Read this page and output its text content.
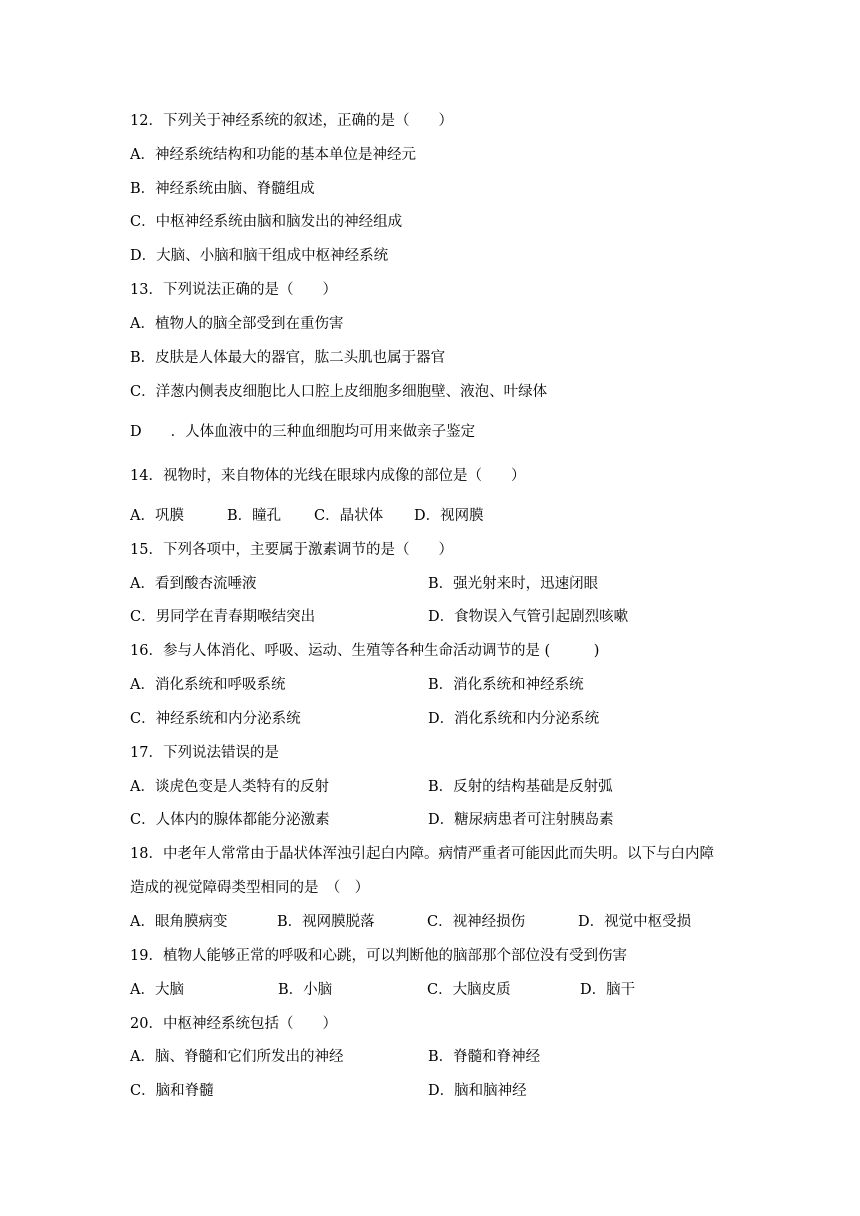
12．下列关于神经系统的叙述，正确的是（　　）
A．神经系统结构和功能的基本单位是神经元
B．神经系统由脑、脊髓组成
C．中枢神经系统由脑和脑发出的神经组成
D．大脑、小脑和脑干组成中枢神经系统
13．下列说法正确的是（　　）
A．植物人的脑全部受到在重伤害
B．皮肤是人体最大的器官，肱二头肌也属于器官
C．洋葱内侧表皮细胞比人口腔上皮细胞多细胞壁、液泡、叶绿体
D　　．人体血液中的三种血细胞均可用来做亲子鉴定
14．视物时，来自物体的光线在眼球内成像的部位是（　　）
A．巩膜	B．瞳孔 C．晶状体 D．视网膜
15．下列各项中，主要属于激素调节的是（　　）
A．看到酸杏流唾液	B．强光射来时，迅速闭眼
C．男同学在青春期喉结突出	D．食物误入气管引起剧烈咳嗽
16．参与人体消化、呼吸、运动、生殖等各种生命活动调节的是 (　　　)
A．消化系统和呼吸系统	B．消化系统和神经系统
C．神经系统和内分泌系统	D．消化系统和内分泌系统
17．下列说法错误的是
A．谈虎色变是人类特有的反射	B．反射的结构基础是反射弧
C．人体内的腺体都能分泌激素	D．糖尿病患者可注射胰岛素
18．中老年人常常由于晶状体浑浊引起白内障。病情严重者可能因此而失明。以下与白内障
造成的视觉障碍类型相同的是　（　）
A．眼角膜病变	B．视网膜脱落	C．视神经损伤	D．视觉中枢受损
19．植物人能够正常的呼吸和心跳，可以判断他的脑部那个部位没有受到伤害
A．大脑	B．小脑	C．大脑皮质	D．脑干
20．中枢神经系统包括（　　）
A．脑、脊髓和它们所发出的神经	B．脊髓和脊神经
C．脑和脊髓	D．脑和脑神经
